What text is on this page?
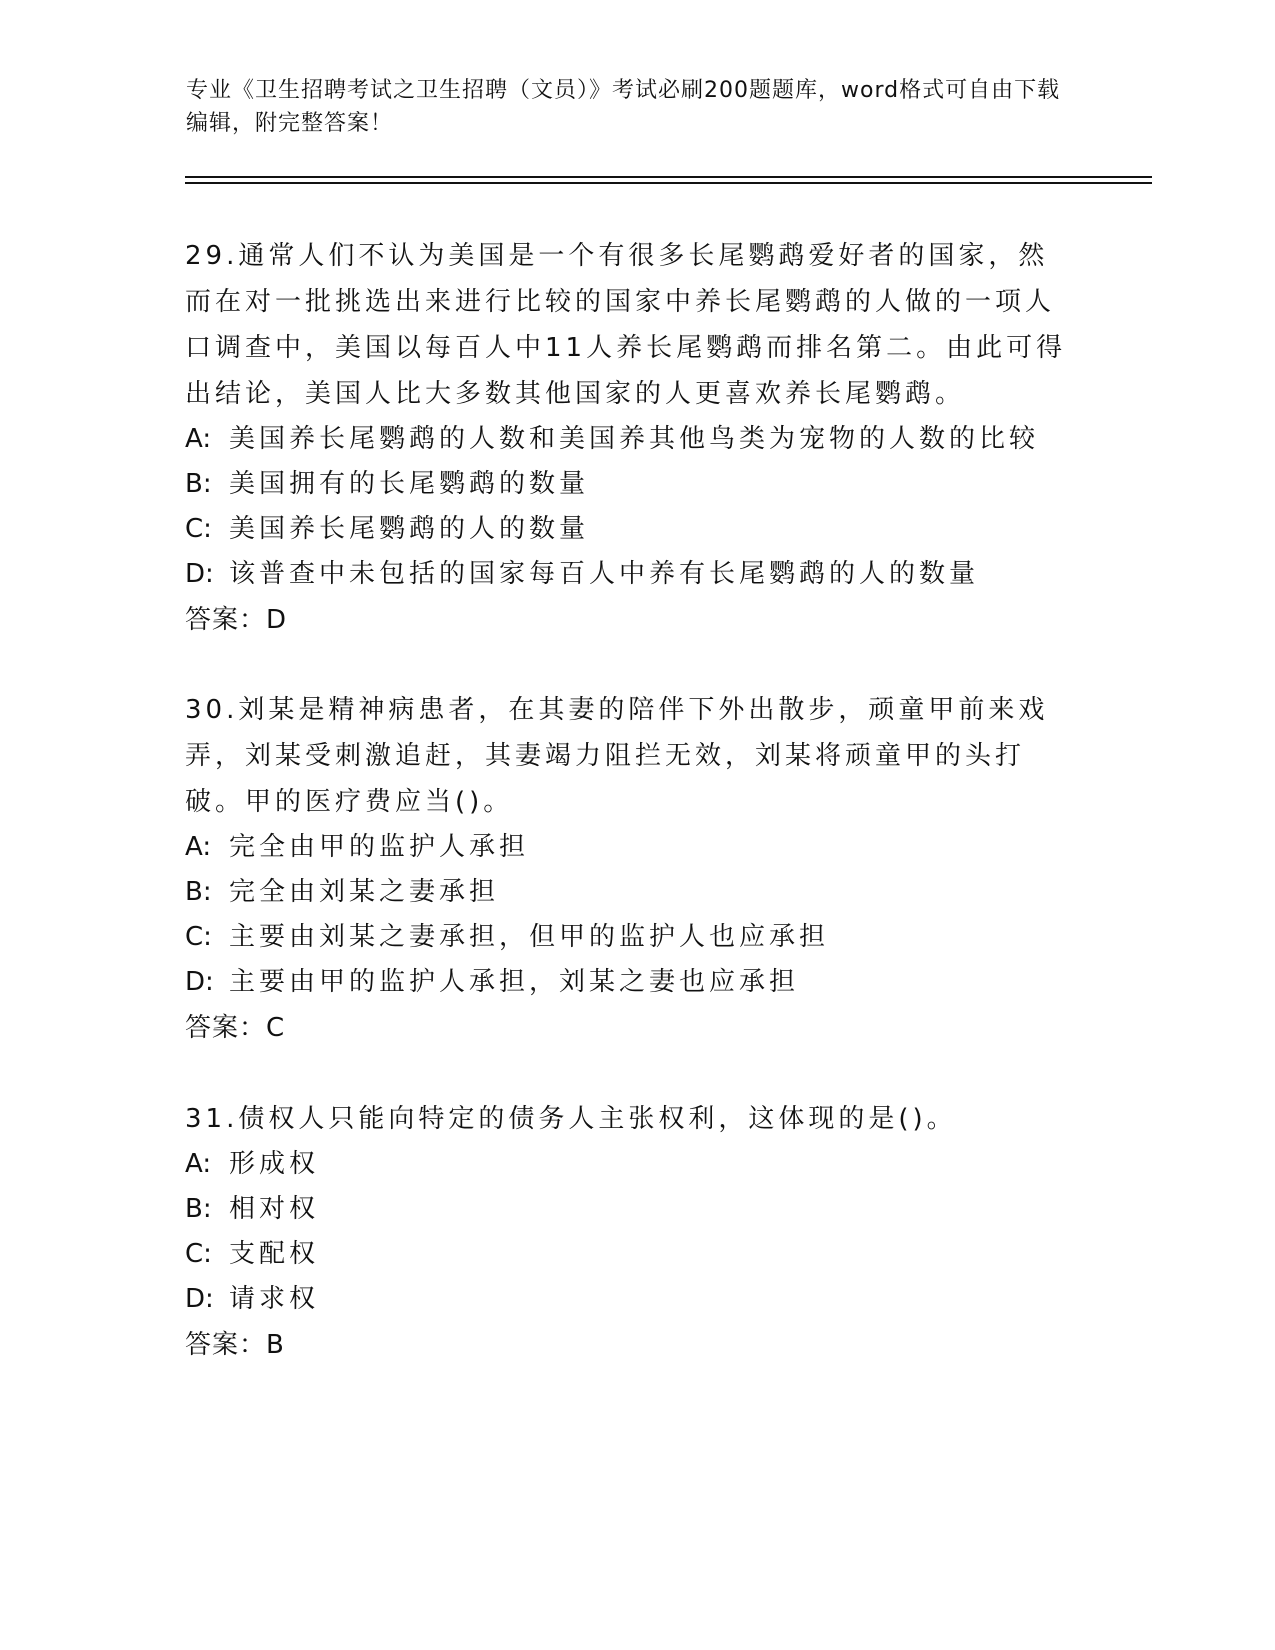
专业《卫生招聘考试之卫生招聘（文员）》考试必刷200题题库，word格式可自由下载编辑，附完整答案！

29.通常人们不认为美国是一个有很多长尾鹦鹉爱好者的国家，然而在对一批挑选出来进行比较的国家中养长尾鹦鹉的人做的一项人口调查中，美国以每百人中11人养长尾鹦鹉而排名第二。由此可得出结论，美国人比大多数其他国家的人更喜欢养长尾鹦鹉。

A: 美国养长尾鹦鹉的人数和美国养其他鸟类为宠物的人数的比较

B: 美国拥有的长尾鹦鹉的数量

C: 美国养长尾鹦鹉的人的数量

D: 该普查中未包括的国家每百人中养有长尾鹦鹉的人的数量

答案：D

30.刘某是精神病患者，在其妻的陪伴下外出散步，顽童甲前来戏弄，刘某受刺激追赶，其妻竭力阻拦无效，刘某将顽童甲的头打破。甲的医疗费应当()。

A: 完全由甲的监护人承担

B: 完全由刘某之妻承担

C: 主要由刘某之妻承担，但甲的监护人也应承担

D: 主要由甲的监护人承担，刘某之妻也应承担

答案：C

31.债权人只能向特定的债务人主张权利，这体现的是()。

A: 形成权

B: 相对权

C: 支配权

D: 请求权

答案：B
